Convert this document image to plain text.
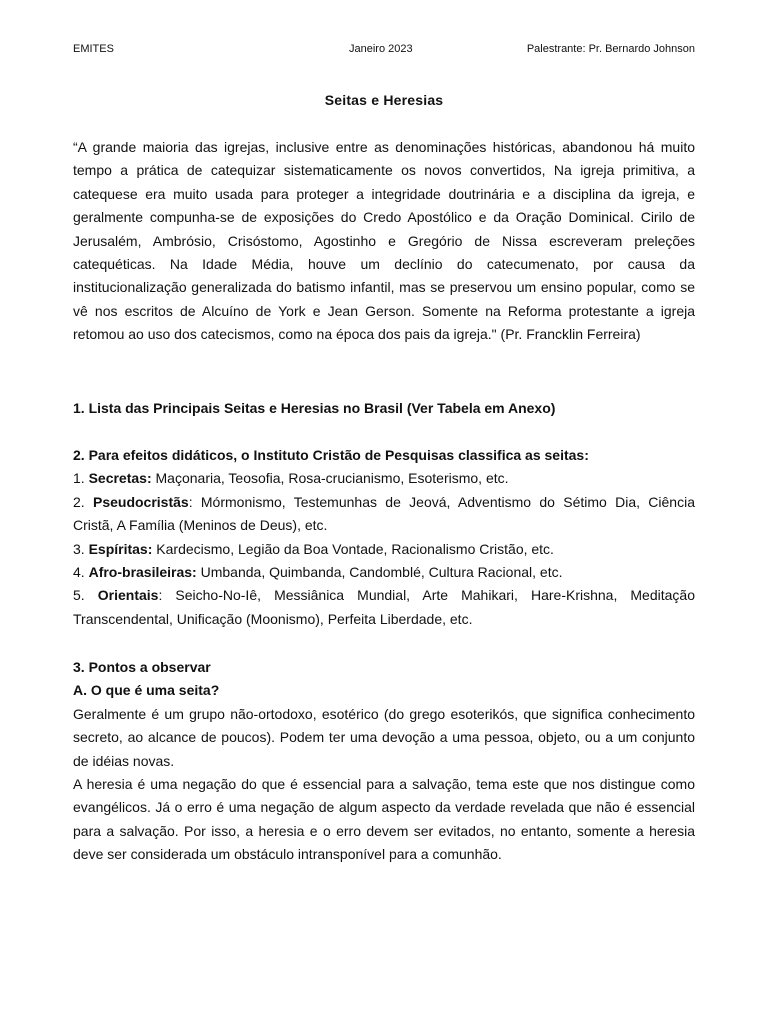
EMITES	Janeiro 2023	Palestrante: Pr. Bernardo Johnson
Seitas e Heresias

“A grande maioria das igrejas, inclusive entre as denominações históricas, abandonou há muito tempo a prática de catequizar sistematicamente os novos convertidos, Na igreja primitiva, a catequese era muito usada para proteger a integridade doutrinária e a disciplina da igreja, e geralmente compunha-se de exposições do Credo Apostólico e da Oração Dominical. Cirilo de Jerusalém, Ambrósio, Crisóstomo, Agostinho e Gregório de Nissa escreveram preleções catequéticas. Na Idade Média, houve um declínio do catecumenato, por causa da institucionalização generalizada do batismo infantil, mas se preservou um ensino popular, como se vê nos escritos de Alcuíno de York e Jean Gerson. Somente na Reforma protestante a igreja retomou ao uso dos catecismos, como na época dos pais da igreja." (Pr. Francklin Ferreira)

1. Lista das Principais Seitas e Heresias no Brasil (Ver Tabela em Anexo)

2. Para efeitos didáticos, o Instituto Cristão de Pesquisas classifica as seitas:

1. Secretas: Maçonaria, Teosofia, Rosa-crucianismo, Esoterismo, etc.

2. Pseudocristãs: Mórmonismo, Testemunhas de Jeová, Adventismo do Sétimo Dia, Ciência Cristã, A Família (Meninos de Deus), etc.

3. Espíritas: Kardecismo, Legião da Boa Vontade, Racionalismo Cristão, etc.

4. Afro-brasileiras: Umbanda, Quimbanda, Candomblé, Cultura Racional, etc.

5. Orientais: Seicho-No-Iê, Messiânica Mundial, Arte Mahikari, Hare-Krishna, Meditação Transcendental, Unificação (Moonismo), Perfeita Liberdade, etc.

3. Pontos a observar

A. O que é uma seita?

Geralmente é um grupo não-ortodoxo, esotérico (do grego esoterikós, que significa conhecimento secreto, ao alcance de poucos). Podem ter uma devoção a uma pessoa, objeto, ou a um conjunto de idéias novas.

A heresia é uma negação do que é essencial para a salvação, tema este que nos distingue como evangélicos. Já o erro é uma negação de algum aspecto da verdade revelada que não é essencial para a salvação. Por isso, a heresia e o erro devem ser evitados, no entanto, somente a heresia deve ser considerada um obstáculo intransponível para a comunhão.
